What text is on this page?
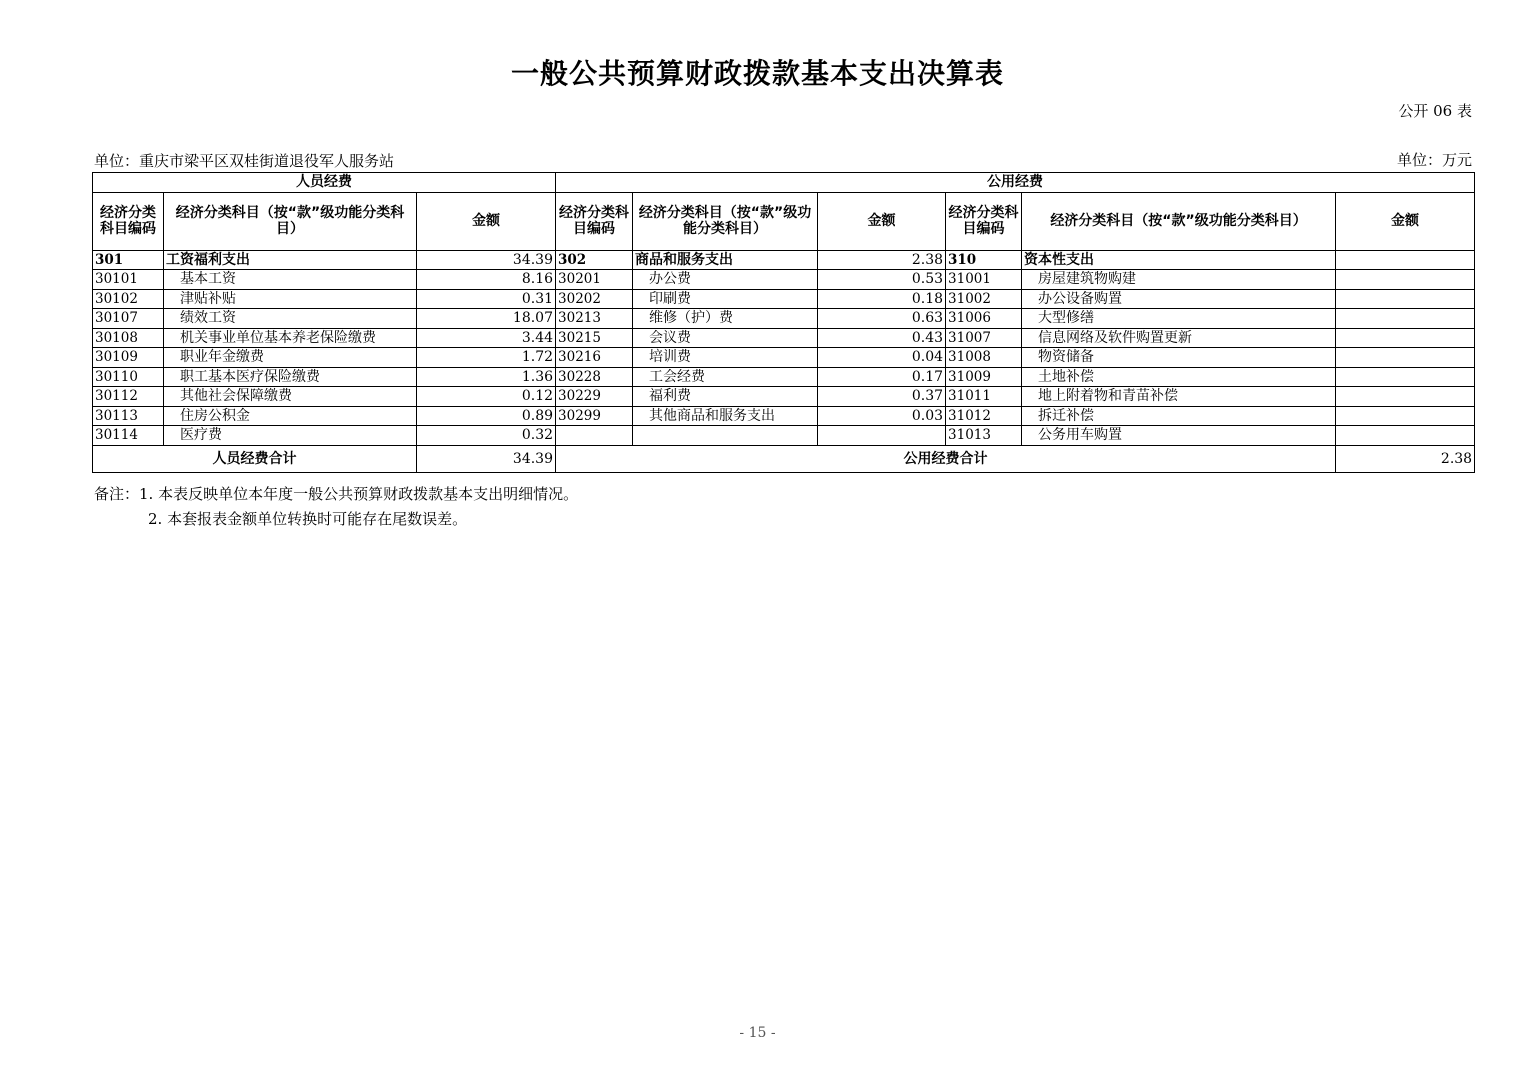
一般公共预算财政拨款基本支出决算表
公开 06 表
单位：重庆市梁平区双桂街道退役军人服务站	单位：万元
人员经费			公用经费					
经济分类科目编码	经济分类科目（按“款”级功能分类科目）	金额	经济分类科目编码	经济分类科目（按“款”级功能分类科目）	金额	经济分类科目编码	经济分类科目（按“款”级功能分类科目）	金额
301	工资福利支出	34.39	302	商品和服务支出	2.38	310	资本性支出	
30101	基本工资	8.16	30201	办公费	0.53	31001	房屋建筑物购建	
30102	津贴补贴	0.31	30202	印刷费	0.18	31002	办公设备购置	
30107	绩效工资	18.07	30213	维修（护）费	0.63	31006	大型修缮	
30108	机关事业单位基本养老保险缴费	3.44	30215	会议费	0.43	31007	信息网络及软件购置更新	
30109	职业年金缴费	1.72	30216	培训费	0.04	31008	物资储备	
30110	职工基本医疗保险缴费	1.36	30228	工会经费	0.17	31009	土地补偿	
30112	其他社会保障缴费	0.12	30229	福利费	0.37	31011	地上附着物和青苗补偿	
30113	住房公积金	0.89	30299	其他商品和服务支出	0.03	31012	拆迁补偿	
30114	医疗费	0.32				31013	公务用车购置	
人员经费合计		34.39	公用经费合计					2.38
备注：1. 本表反映单位本年度一般公共预算财政拨款基本支出明细情况。
2. 本套报表金额单位转换时可能存在尾数误差。
- 15 -
